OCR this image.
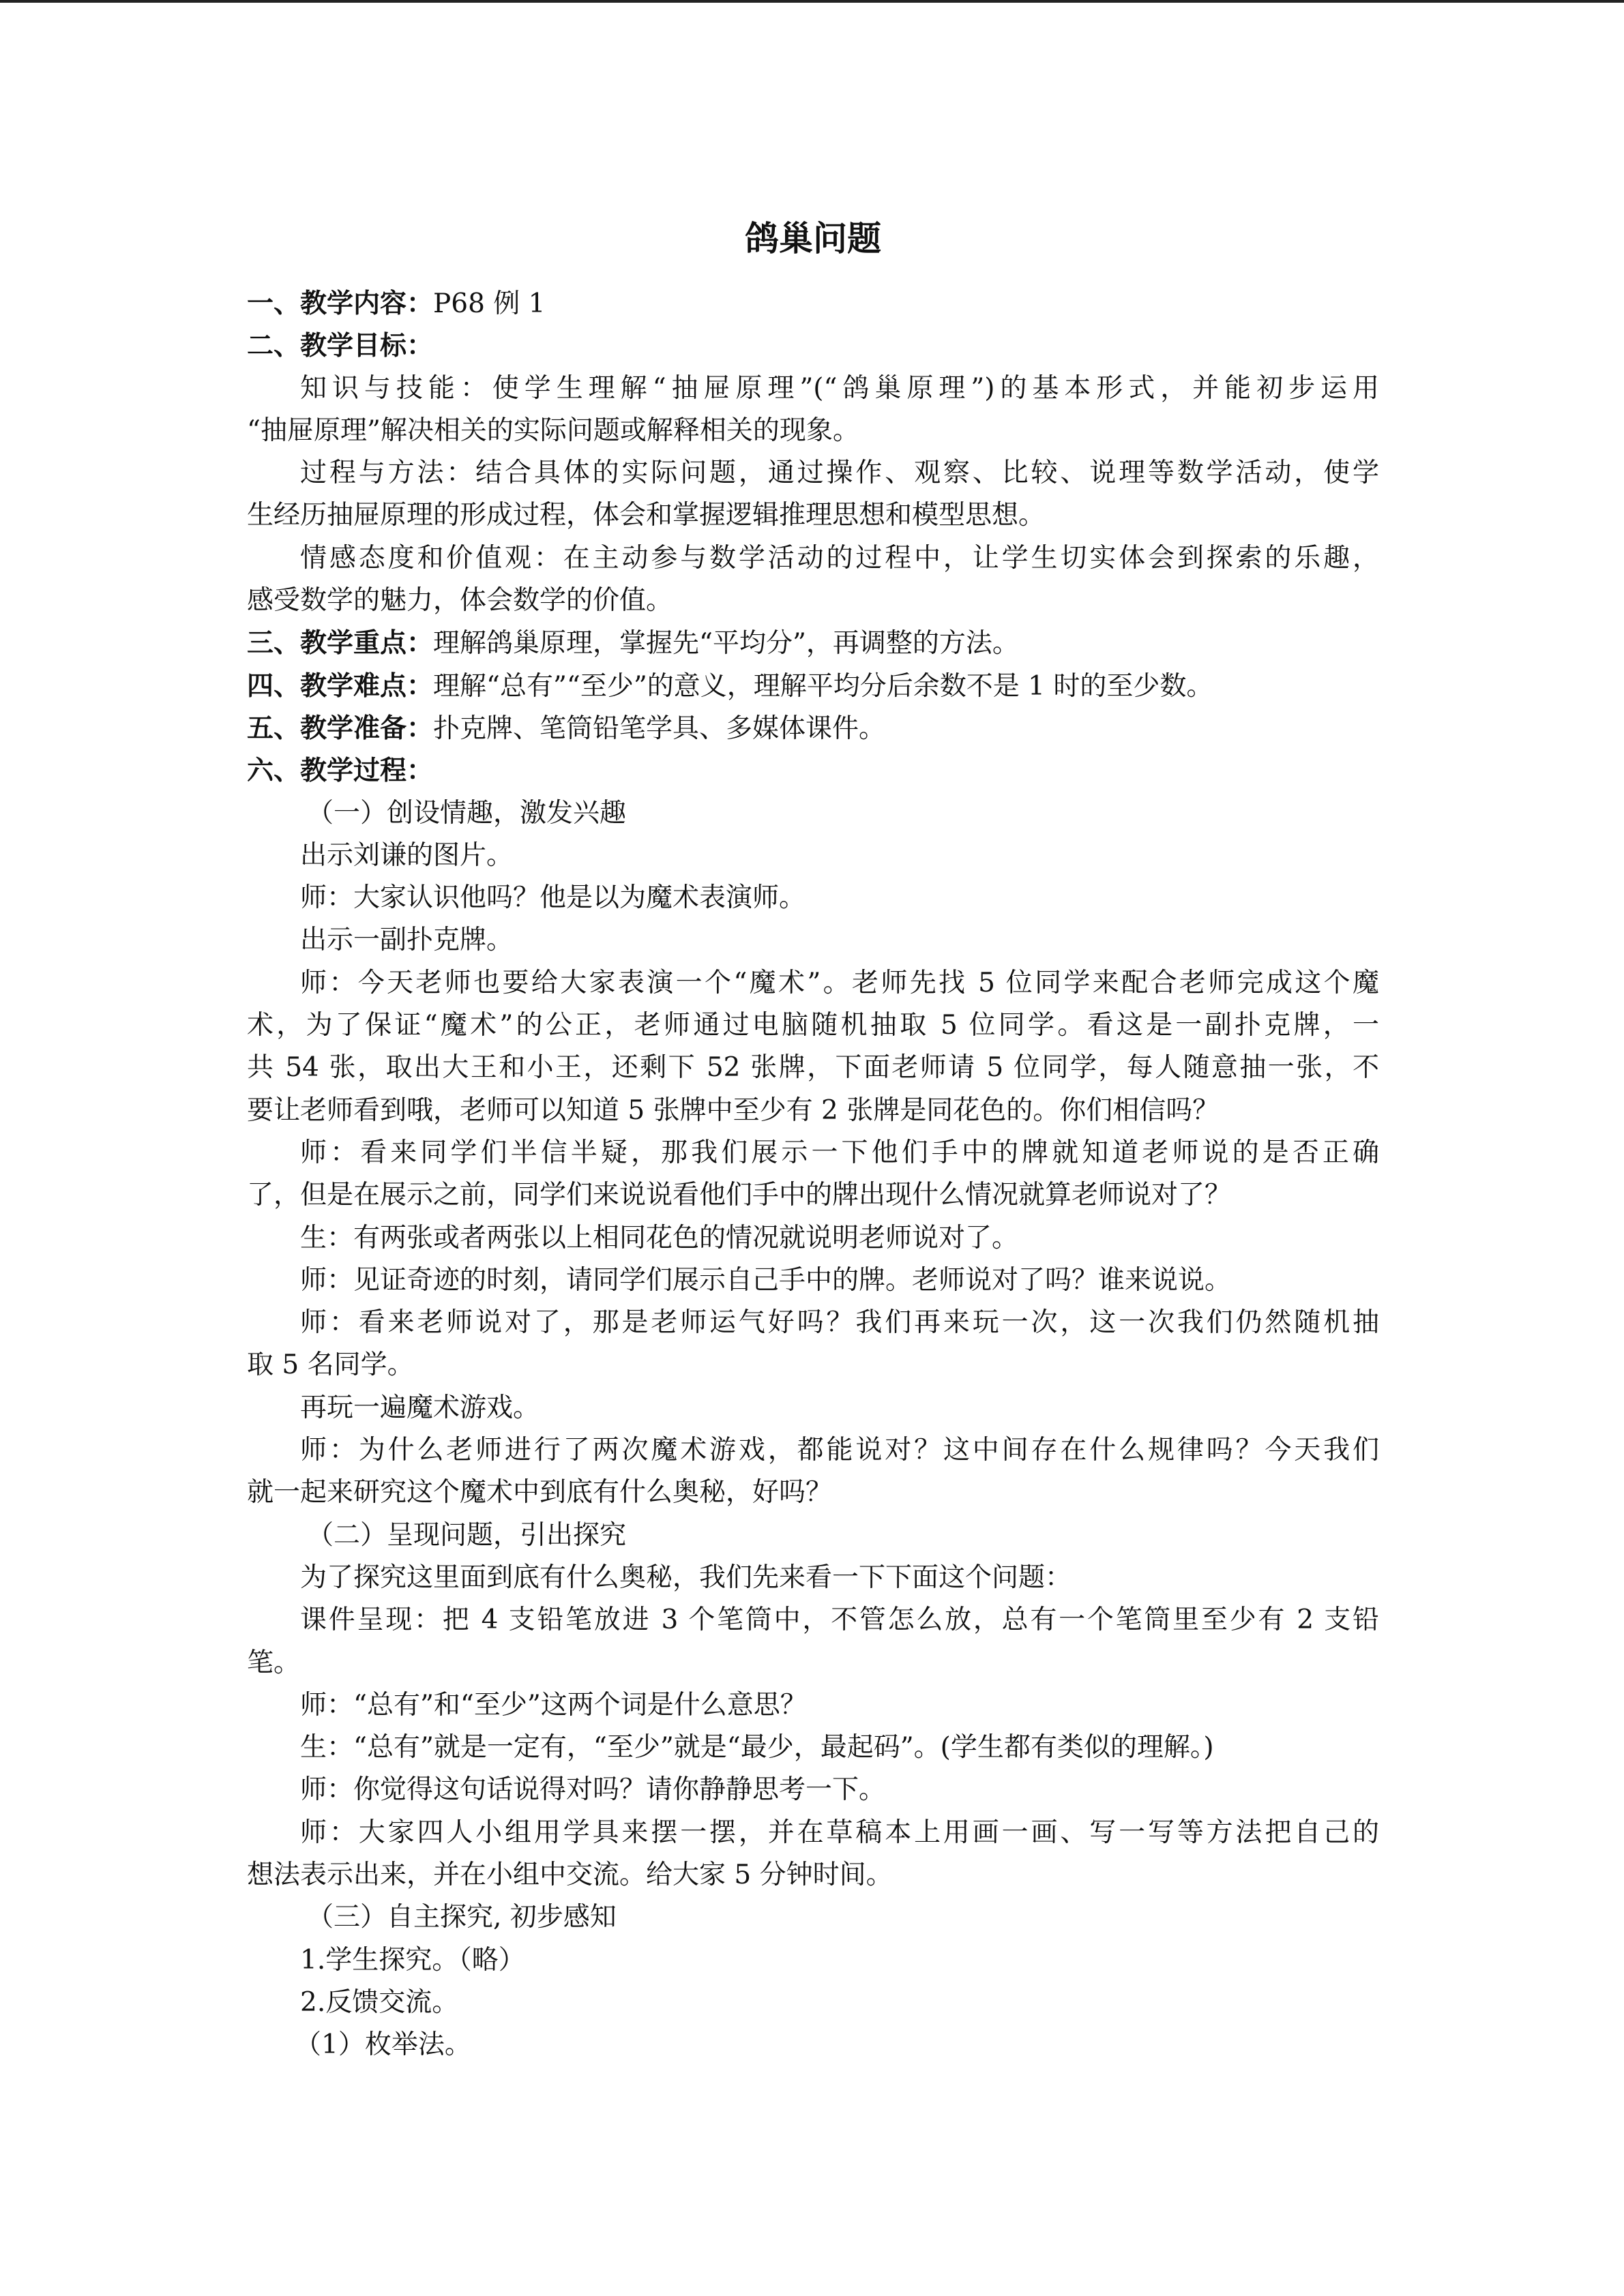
鸽巢问题
一、教学内容：P68 例 1
二、教学目标：
知识与技能：使学生理解“抽屉原理”(“鸽巢原理”)的基本形式，并能初步运用
“抽屉原理”解决相关的实际问题或解释相关的现象。
过程与方法：结合具体的实际问题，通过操作、观察、比较、说理等数学活动，使学
生经历抽屉原理的形成过程，体会和掌握逻辑推理思想和模型思想。
情感态度和价值观：在主动参与数学活动的过程中，让学生切实体会到探索的乐趣，
感受数学的魅力，体会数学的价值。
三、教学重点：理解鸽巢原理，掌握先“平均分”，再调整的方法。
四、教学难点：理解“总有”“至少”的意义，理解平均分后余数不是 1 时的至少数。
五、教学准备：扑克牌、笔筒铅笔学具、多媒体课件。
六、教学过程：
（一）创设情趣，激发兴趣
出示刘谦的图片。
师：大家认识他吗？他是以为魔术表演师。
出示一副扑克牌。
师：今天老师也要给大家表演一个“魔术”。老师先找 5 位同学来配合老师完成这个魔
术，为了保证“魔术”的公正，老师通过电脑随机抽取 5 位同学。看这是一副扑克牌，一
共 54 张，取出大王和小王，还剩下 52 张牌，下面老师请 5 位同学，每人随意抽一张，不
要让老师看到哦，老师可以知道 5 张牌中至少有 2 张牌是同花色的。你们相信吗？
师：看来同学们半信半疑，那我们展示一下他们手中的牌就知道老师说的是否正确
了，但是在展示之前，同学们来说说看他们手中的牌出现什么情况就算老师说对了？
生：有两张或者两张以上相同花色的情况就说明老师说对了。
师：见证奇迹的时刻，请同学们展示自己手中的牌。老师说对了吗？谁来说说。
师：看来老师说对了，那是老师运气好吗？我们再来玩一次，这一次我们仍然随机抽
取 5 名同学。
再玩一遍魔术游戏。
师：为什么老师进行了两次魔术游戏，都能说对？这中间存在什么规律吗？今天我们
就一起来研究这个魔术中到底有什么奥秘，好吗？
（二）呈现问题，引出探究
为了探究这里面到底有什么奥秘，我们先来看一下下面这个问题：
课件呈现：把 4 支铅笔放进 3 个笔筒中，不管怎么放，总有一个笔筒里至少有 2 支铅
笔。
师：“总有”和“至少”这两个词是什么意思？
生：“总有”就是一定有，“至少”就是“最少，最起码”。(学生都有类似的理解。)
师：你觉得这句话说得对吗？请你静静思考一下。
师：大家四人小组用学具来摆一摆，并在草稿本上用画一画、写一写等方法把自己的
想法表示出来，并在小组中交流。给大家 5 分钟时间。
（三）自主探究, 初步感知
1.学生探究。（略）
2.反馈交流。
（1）枚举法。
